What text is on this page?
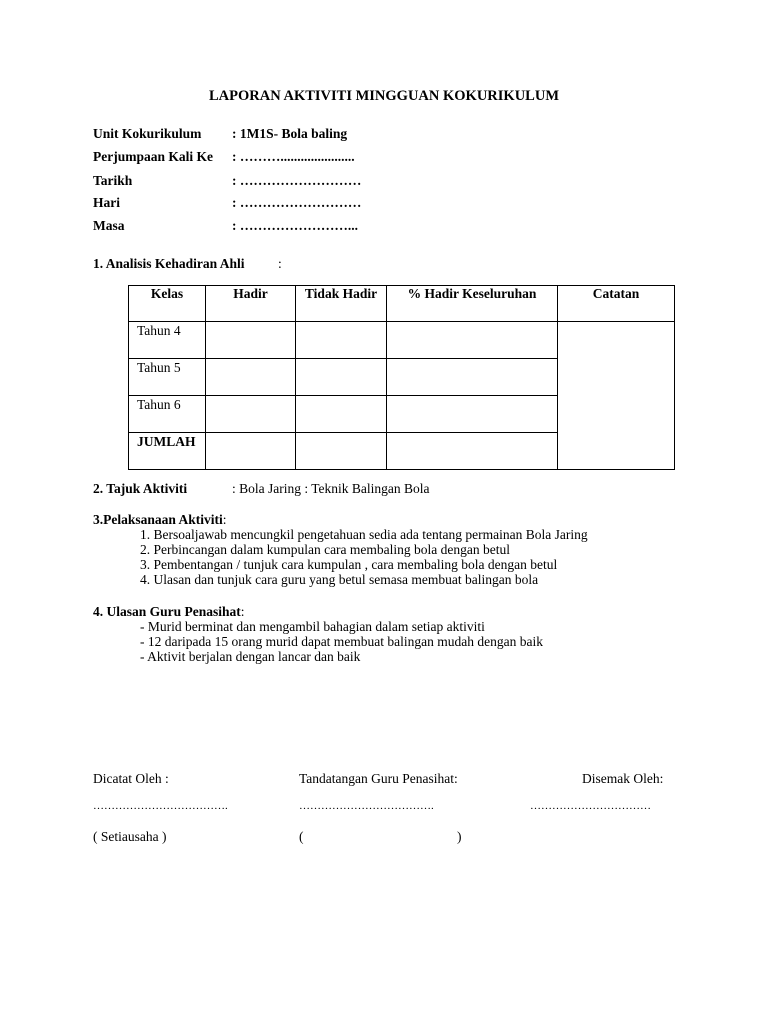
LAPORAN AKTIVITI MINGGUAN KOKURIKULUM
Unit Kokurikulum : 1M1S- Bola baling
Perjumpaan Kali Ke : ………......................
Tarikh	: ………………………
Hari	: ………………………
Masa	: ……………………...
1. Analisis Kehadiran Ahli :
Kelas	Hadir	Tidak Hadir	% Hadir Keseluruhan	Catatan
Tahun 4				
Tahun 5				
Tahun 6				
JUMLAH				
2. Tajuk Aktiviti	: Bola Jaring : Teknik Balingan Bola
3.Pelaksanaan Aktiviti:
1. Bersoaljawab mencungkil pengetahuan sedia ada tentang permainan Bola Jaring
2. Perbincangan dalam kumpulan cara membaling bola dengan betul
3. Pembentangan / tunjuk cara kumpulan , cara membaling bola dengan betul
4. Ulasan dan tunjuk cara guru yang betul semasa membuat balingan bola
4. Ulasan Guru Penasihat:
- Murid berminat dan mengambil bahagian dalam setiap aktiviti
- 12 daripada 15 orang murid dapat membuat balingan mudah dengan baik
- Aktivit berjalan dengan lancar dan baik
Dicatat Oleh :	Tandatangan Guru Penasihat:	Disemak Oleh:
……………………………….	……………………………….	……………………………
( Setiausaha )	(	)
